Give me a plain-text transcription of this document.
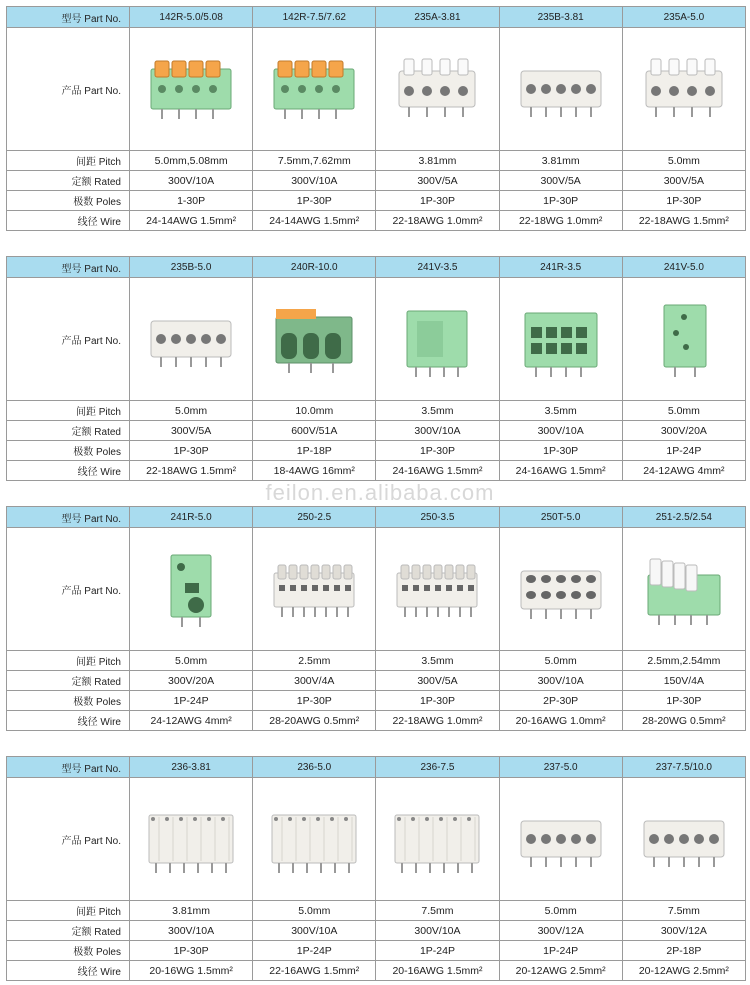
feilon.en.alibaba.com
型号 Part No.	142R-5.0/5.08	142R-7.5/7.62	235A-3.81	235B-3.81	235A-5.0
产品 Part No.	

间距 Pitch	5.0mm,5.08mm	7.5mm,7.62mm	3.81mm	3.81mm	5.0mm
定额 Rated	300V/10A	300V/10A	300V/5A	300V/5A	300V/5A
极数 Poles	1-30P	1P-30P	1P-30P	1P-30P	1P-30P
线径 Wire	24-14AWG 1.5mm²	24-14AWG 1.5mm²	22-18AWG 1.0mm²	22-18WG 1.0mm²	22-18AWG 1.5mm²
型号 Part No.	235B-5.0	240R-10.0	241V-3.5	241R-3.5	241V-5.0
产品 Part No.	

间距 Pitch	5.0mm	10.0mm	3.5mm	3.5mm	5.0mm
定额 Rated	300V/5A	600V/51A	300V/10A	300V/10A	300V/20A
极数 Poles	1P-30P	1P-18P	1P-30P	1P-30P	1P-24P
线径 Wire	22-18AWG 1.5mm²	18-4AWG 16mm²	24-16AWG 1.5mm²	24-16AWG 1.5mm²	24-12AWG 4mm²
型号 Part No.	241R-5.0	250-2.5	250-3.5	250T-5.0	251-2.5/2.54
产品 Part No.	

间距 Pitch	5.0mm	2.5mm	3.5mm	5.0mm	2.5mm,2.54mm
定额 Rated	300V/20A	300V/4A	300V/5A	300V/10A	150V/4A
极数 Poles	1P-24P	1P-30P	1P-30P	2P-30P	1P-30P
线径 Wire	24-12AWG 4mm²	28-20AWG 0.5mm²	22-18AWG 1.0mm²	20-16AWG 1.0mm²	28-20WG 0.5mm²
型号 Part No.	236-3.81	236-5.0	236-7.5	237-5.0	237-7.5/10.0
产品 Part No.	

间距 Pitch	3.81mm	5.0mm	7.5mm	5.0mm	7.5mm
定额 Rated	300V/10A	300V/10A	300V/10A	300V/12A	300V/12A
极数 Poles	1P-30P	1P-24P	1P-24P	1P-24P	2P-18P
线径 Wire	20-16WG 1.5mm²	22-16AWG 1.5mm²	20-16AWG 1.5mm²	20-12AWG 2.5mm²	20-12AWG 2.5mm²
